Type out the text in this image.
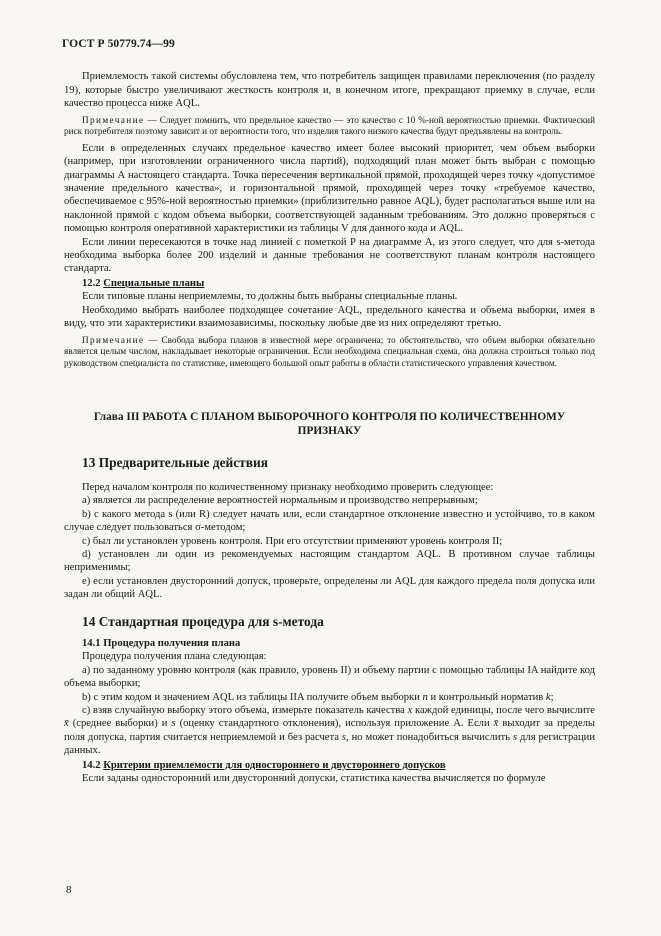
ГОСТ Р 50779.74—99

Приемлемость такой системы обусловлена тем, что потребитель защищен правилами переключения (по разделу 19), которые быстро увеличивают жесткость контроля и, в конечном итоге, прекращают приемку в случае, если качество процесса ниже AQL.

Примечание — Следует помнить, что предельное качество — это качество с 10 %-ной вероятностью приемки. Фактический риск потребителя поэтому зависит и от вероятности того, что изделия такого низкого качества будут предъявлены на контроль.

Если в определенных случаях предельное качество имеет более высокий приоритет, чем объем выборки (например, при изготовлении ограниченного числа партий), подходящий план может быть выбран с помощью диаграммы А настоящего стандарта. Точка пересечения вертикальной прямой, проходящей через точку «допустимое значение предельного качества», и горизонтальной прямой, проходящей через точку «требуемое качество, обеспечиваемое с 95%-ной вероятностью приемки» (приблизительно равное AQL), будет располагаться выше или на наклонной прямой с кодом объема выборки, соответствующей заданным требованиям. Это должно проверяться с помощью контроля оперативной характеристики из таблицы V для данного кода и AQL.

Если линии пересекаются в точке над линией с пометкой Р на диаграмме А, из этого следует, что для s-метода необходима выборка более 200 изделий и данные требования не соответствуют планам контроля настоящего стандарта.

12.2 Специальные планы

Если типовые планы неприемлемы, то должны быть выбраны специальные планы.

Необходимо выбрать наиболее подходящее сочетание AQL, предельного качества и объема выборки, имея в виду, что эти характеристики взаимозависимы, поскольку любые две из них определяют третью.

Примечание — Свобода выбора планов в известной мере ограничена; то обстоятельство, что объем выборки обязательно является целым числом, накладывает некоторые ограничения. Если необходима специальная схема, она должна строиться только под руководством специалиста по статистике, имеющего большой опыт работы в области статистического управления качеством.

Глава III РАБОТА С ПЛАНОМ ВЫБОРОЧНОГО КОНТРОЛЯ ПО КОЛИЧЕСТВЕННОМУ ПРИЗНАКУ
13 Предварительные действия

Перед началом контроля по количественному признаку необходимо проверить следующее:

а) является ли распределение вероятностей нормальным и производство непрерывным;

b) с какого метода s (или R) следует начать или, если стандартное отклонение известно и устойчиво, то в каком случае следует пользоваться σ-методом;

с) был ли установлен уровень контроля. При его отсутствии применяют уровень контроля II;

d) установлен ли один из рекомендуемых настоящим стандартом AQL. В противном случае таблицы неприменимы;

е) если установлен двусторонний допуск, проверьте, определены ли AQL для каждого предела поля допуска или задан ли общий AQL.

14 Стандартная процедура для s-метода

14.1 Процедура получения плана

Процедура получения плана следующая:

а) по заданному уровню контроля (как правило, уровень II) и объему партии с помощью таблицы IA найдите код объема выборки;

b) с этим кодом и значением AQL из таблицы IIA получите объем выборки n и контрольный норматив k;

с) взяв случайную выборку этого объема, измерьте показатель качества x каждой единицы, после чего вычислите x̄ (среднее выборки) и s (оценку стандартного отклонения), используя приложение А. Если x̄ выходит за пределы поля допуска, партия считается неприемлемой и без расчета s, но может понадобиться вычислить s для регистрации данных.

14.2 Критерии приемлемости для одностороннего и двустороннего допусков

Если заданы односторонний или двусторонний допуски, статистика качества вычисляется по формуле

8
